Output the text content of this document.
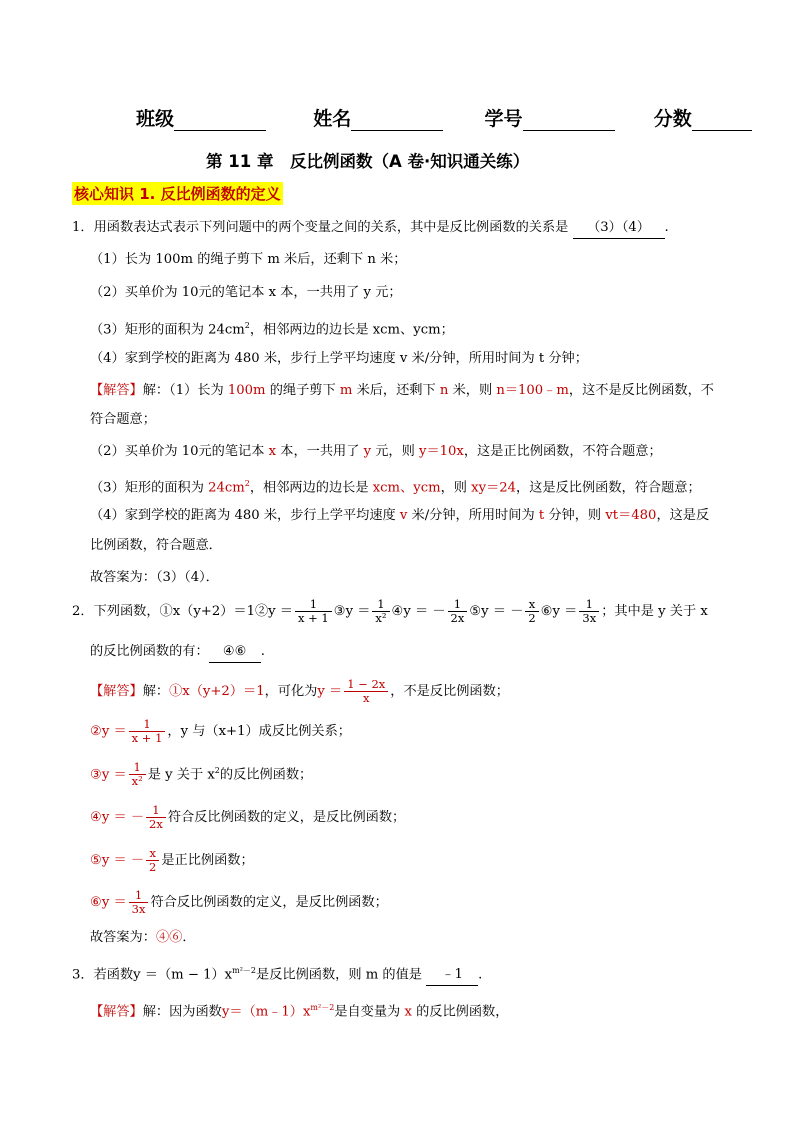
班级	姓名	学号	分数
第 11 章　反比例函数（A 卷·知识通关练）
核心知识 1. 反比例函数的定义
1．用函数表达式表示下列问题中的两个变量之间的关系，其中是反比例函数的关系是 （3）（4） .
（1）长为 100m 的绳子剪下 m 米后，还剩下 n 米；
（2）买单价为 10元的笔记本 x 本，一共用了 y 元；
（3）矩形的面积为 $24cm^2$，相邻两边的边长是 xcm、ycm；
（4）家到学校的距离为 480 米，步行上学平均速度 v 米/分钟，所用时间为 t 分钟；
【解答】解：（1）长为 100m 的绳子剪下 m 米后，还剩下 n 米，则 n＝100﹣m，这不是反比例函数，不
符合题意；
（2）买单价为 10元的笔记本 x 本，一共用了 y 元，则 y＝10x，这是正比例函数，不符合题意；
（3）矩形的面积为 $24cm^2$，相邻两边的边长是 xcm、ycm，则 xy＝24，这是反比例函数，符合题意；
（4）家到学校的距离为 480 米，步行上学平均速度 v 米/分钟，所用时间为 t 分钟，则 vt＝480，这是反
比例函数，符合题意．
故答案为：（3）（4）．
2．下列函数，①x（y+2）＝1②y ＝ $\frac{1}{x + 1}$ ③y ＝ $\frac{1}{\text{x²}}$ ④y ＝ － $\frac{1}{2x}$ ⑤y ＝ － $\frac{x}{2}$ ⑥y ＝ $\frac{1}{3x}$ ；其中是 y 关于 x
的反比例函数的有： ④⑥ .
【解答】解：①x（y+2）＝1，可化为$y = \frac{1 - 2x}{x}$ ，不是反比例函数；
②y ＝ $\frac{1}{x + 1}$ ，y 与（x+1）成反比例关系；
③y ＝ $\frac{1}{\text{x²}}$ 是 y 关于 $x^2$的反比例函数；
④y ＝ － $\frac{1}{2x}$ 符合反比例函数的定义，是反比例函数；
⑤y ＝ － $\frac{x}{2}$ 是正比例函数；
⑥y ＝ $\frac{1}{3x}$ 符合反比例函数的定义，是反比例函数；
故答案为：④⑥．
3．若函数$y =(m - 1)x^{m^2-2}$是反比例函数，则 m 的值是 ﹣1 .
【解答】解：因为函数$y=(m﹣1)x^{m^2-2}$是自变量为 x 的反比例函数，
